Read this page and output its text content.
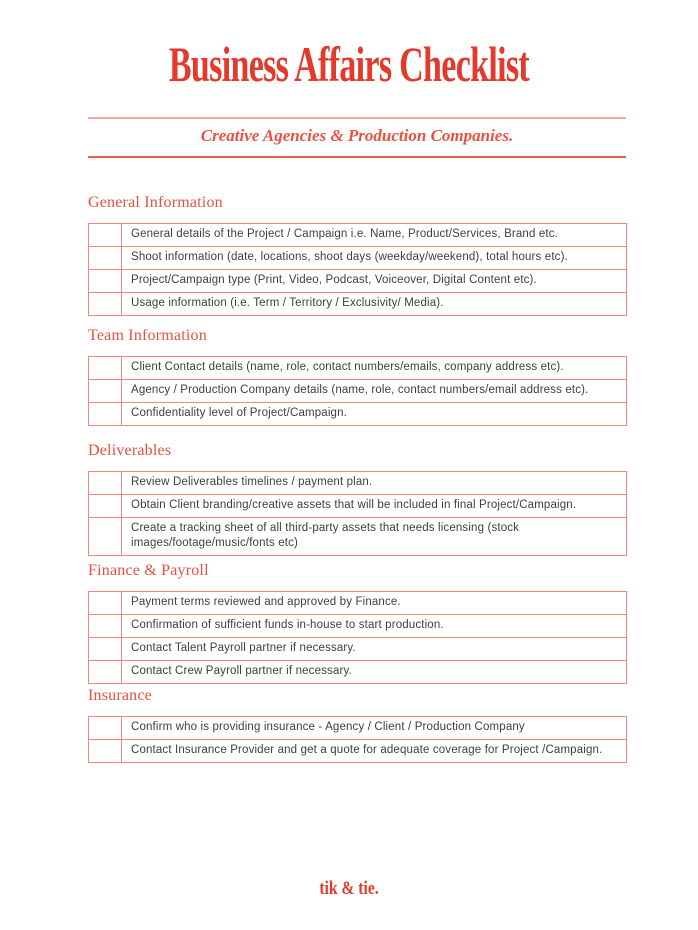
Business Affairs Checklist
Creative Agencies & Production Companies.
General Information
	General details of the Project / Campaign i.e. Name, Product/Services, Brand etc.
	Shoot information (date, locations, shoot days (weekday/weekend), total hours etc).
	Project/Campaign type (Print, Video, Podcast, Voiceover, Digital Content etc).
	Usage information (i.e. Term / Territory / Exclusivity/ Media).
Team Information
	Client Contact details (name, role, contact numbers/emails, company address etc).
	Agency / Production Company details (name, role, contact numbers/email address etc).
	Confidentiality level of Project/Campaign.
Deliverables
	Review Deliverables timelines / payment plan.
	Obtain Client branding/creative assets that will be included in final Project/Campaign.
	Create a tracking sheet of all third-party assets that needs licensing (stock images/footage/music/fonts etc)
Finance & Payroll
	Payment terms reviewed and approved by Finance.
	Confirmation of sufficient funds in-house to start production.
	Contact Talent Payroll partner if necessary.
	Contact Crew Payroll partner if necessary.
Insurance
	Confirm who is providing insurance - Agency / Client / Production Company
	Contact Insurance Provider and get a quote for adequate coverage for Project /Campaign.
tik & tie.
